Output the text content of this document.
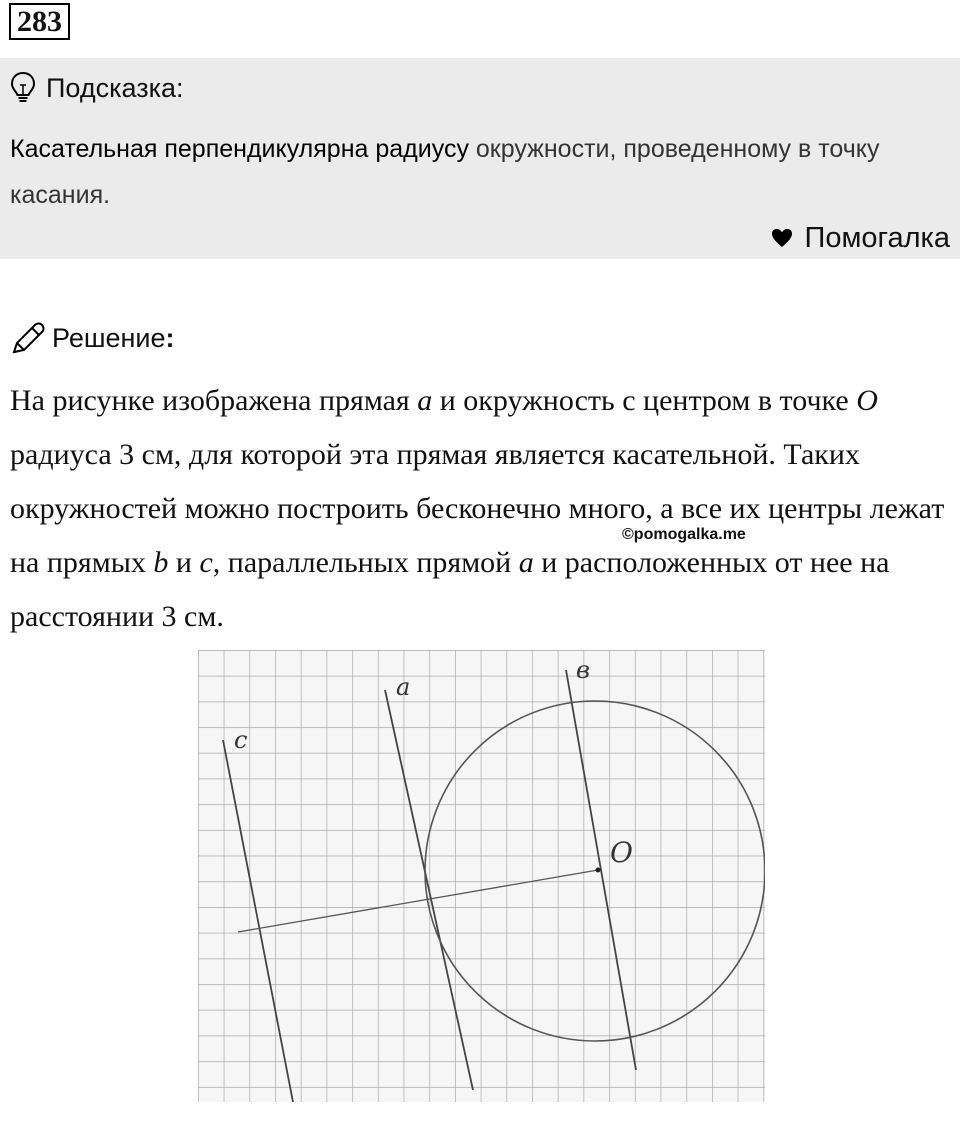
283
Подсказка:
Касательная перпендикулярна радиусу окружности, проведенному в точку касания.
Помогалка
Решение:
На рисунке изображена прямая a и окружность с центром в точке O радиуса 3 см, для которой эта прямая является касательной. Таких окружностей можно построить бесконечно много, а все их центры лежат на прямых b и c, параллельных прямой a и расположенных от нее на расстоянии 3 см.
©pomogalka.me
a
в
c
O
